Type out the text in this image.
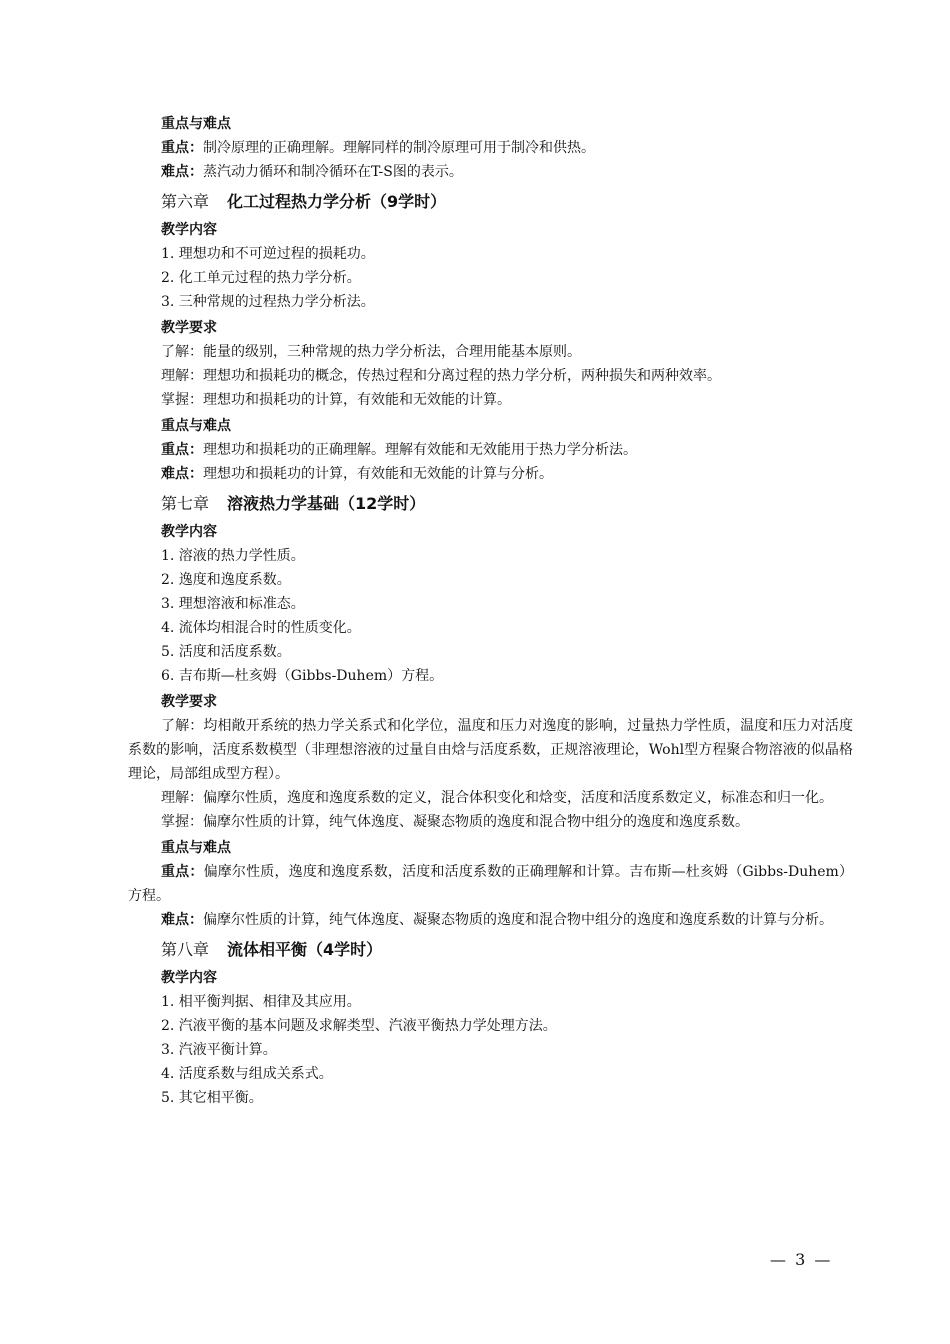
重点与难点
重点：制冷原理的正确理解。理解同样的制冷原理可用于制冷和供热。
难点：蒸汽动力循环和制冷循环在T-S图的表示。
第六章 化工过程热力学分析（9学时）
教学内容
1. 理想功和不可逆过程的损耗功。
2. 化工单元过程的热力学分析。
3. 三种常规的过程热力学分析法。
教学要求
了解：能量的级别，三种常规的热力学分析法，合理用能基本原则。
理解：理想功和损耗功的概念，传热过程和分离过程的热力学分析，两种损失和两种效率。
掌握：理想功和损耗功的计算，有效能和无效能的计算。
重点与难点
重点：理想功和损耗功的正确理解。理解有效能和无效能用于热力学分析法。
难点：理想功和损耗功的计算，有效能和无效能的计算与分析。
第七章 溶液热力学基础（12学时）
教学内容
1. 溶液的热力学性质。
2. 逸度和逸度系数。
3. 理想溶液和标准态。
4. 流体均相混合时的性质变化。
5. 活度和活度系数。
6. 吉布斯—杜亥姆（Gibbs-Duhem）方程。
教学要求
了解：均相敞开系统的热力学关系式和化学位，温度和压力对逸度的影响，过量热力学性质，温度和压力对活度系数的影响，活度系数模型（非理想溶液的过量自由焓与活度系数，正规溶液理论，Wohl型方程聚合物溶液的似晶格理论，局部组成型方程）。
理解：偏摩尔性质，逸度和逸度系数的定义，混合体积变化和焓变，活度和活度系数定义，标准态和归一化。
掌握：偏摩尔性质的计算，纯气体逸度、凝聚态物质的逸度和混合物中组分的逸度和逸度系数。
重点与难点
重点：偏摩尔性质，逸度和逸度系数，活度和活度系数的正确理解和计算。吉布斯—杜亥姆（Gibbs-Duhem）方程。
难点：偏摩尔性质的计算，纯气体逸度、凝聚态物质的逸度和混合物中组分的逸度和逸度系数的计算与分析。
第八章 流体相平衡（4学时）
教学内容
1. 相平衡判据、相律及其应用。
2. 汽液平衡的基本问题及求解类型、汽液平衡热力学处理方法。
3. 汽液平衡计算。
4. 活度系数与组成关系式。
5. 其它相平衡。
— 3 —
